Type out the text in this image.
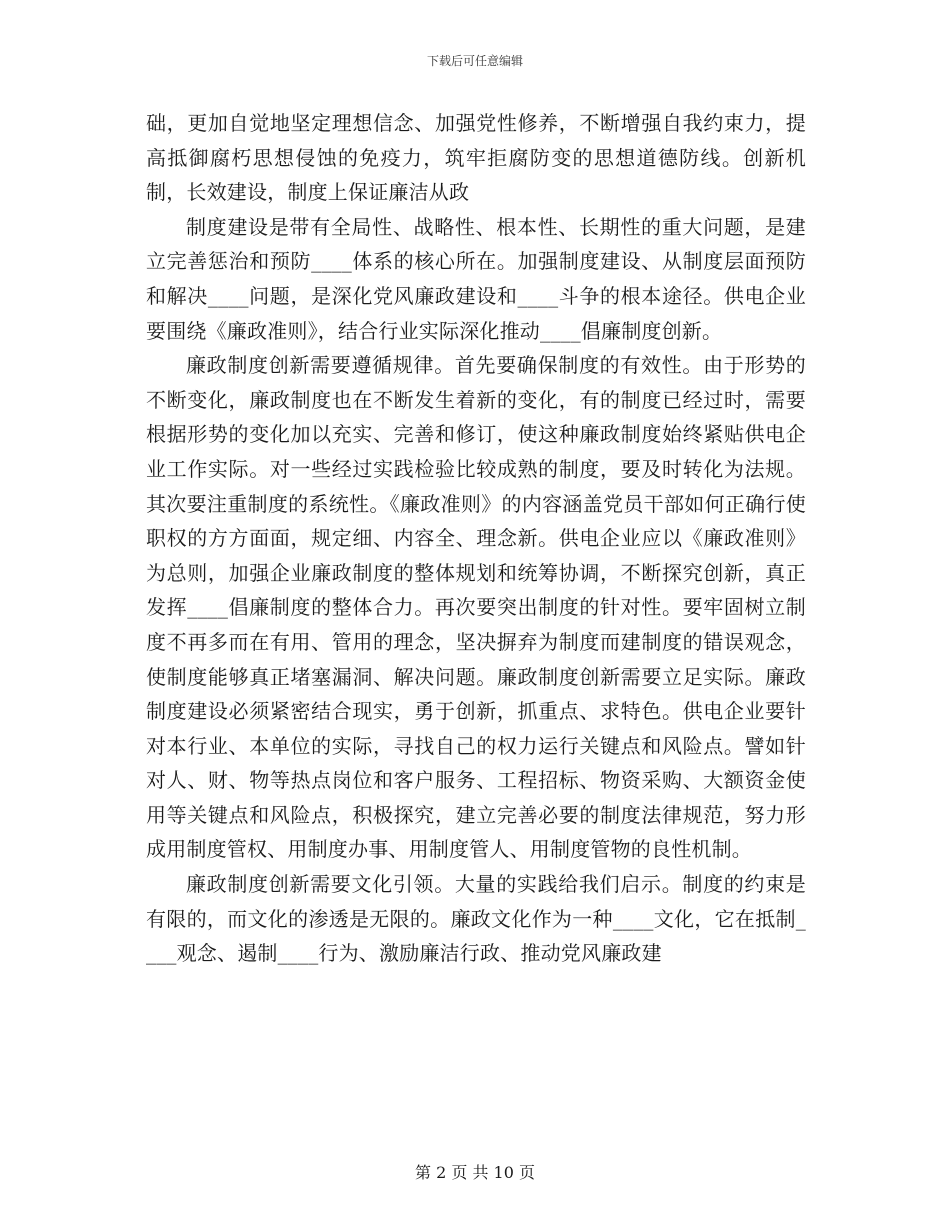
下载后可任意编辑

础，更加自觉地坚定理想信念、加强党性修养，不断增强自我约束力，提高抵御腐朽思想侵蚀的免疫力，筑牢拒腐防变的思想道德防线。创新机制，长效建设，制度上保证廉洁从政

制度建设是带有全局性、战略性、根本性、长期性的重大问题，是建立完善惩治和预防____体系的核心所在。加强制度建设、从制度层面预防和解决____问题，是深化党风廉政建设和____斗争的根本途径。供电企业要围绕《廉政准则》，结合行业实际深化推动____倡廉制度创新。

廉政制度创新需要遵循规律。首先要确保制度的有效性。由于形势的不断变化，廉政制度也在不断发生着新的变化，有的制度已经过时，需要根据形势的变化加以充实、完善和修订，使这种廉政制度始终紧贴供电企业工作实际。对一些经过实践检验比较成熟的制度，要及时转化为法规。其次要注重制度的系统性。《廉政准则》的内容涵盖党员干部如何正确行使职权的方方面面，规定细、内容全、理念新。供电企业应以《廉政准则》为总则，加强企业廉政制度的整体规划和统筹协调，不断探究创新，真正发挥____倡廉制度的整体合力。再次要突出制度的针对性。要牢固树立制度不再多而在有用、管用的理念，坚决摒弃为制度而建制度的错误观念，使制度能够真正堵塞漏洞、解决问题。廉政制度创新需要立足实际。廉政制度建设必须紧密结合现实，勇于创新，抓重点、求特色。供电企业要针对本行业、本单位的实际，寻找自己的权力运行关键点和风险点。譬如针对人、财、物等热点岗位和客户服务、工程招标、物资采购、大额资金使用等关键点和风险点，积极探究，建立完善必要的制度法律规范，努力形成用制度管权、用制度办事、用制度管人、用制度管物的良性机制。

廉政制度创新需要文化引领。大量的实践给我们启示。制度的约束是有限的，而文化的渗透是无限的。廉政文化作为一种____文化，它在抵制____观念、遏制____行为、激励廉洁行政、推动党风廉政建

第 2 页 共 10 页
